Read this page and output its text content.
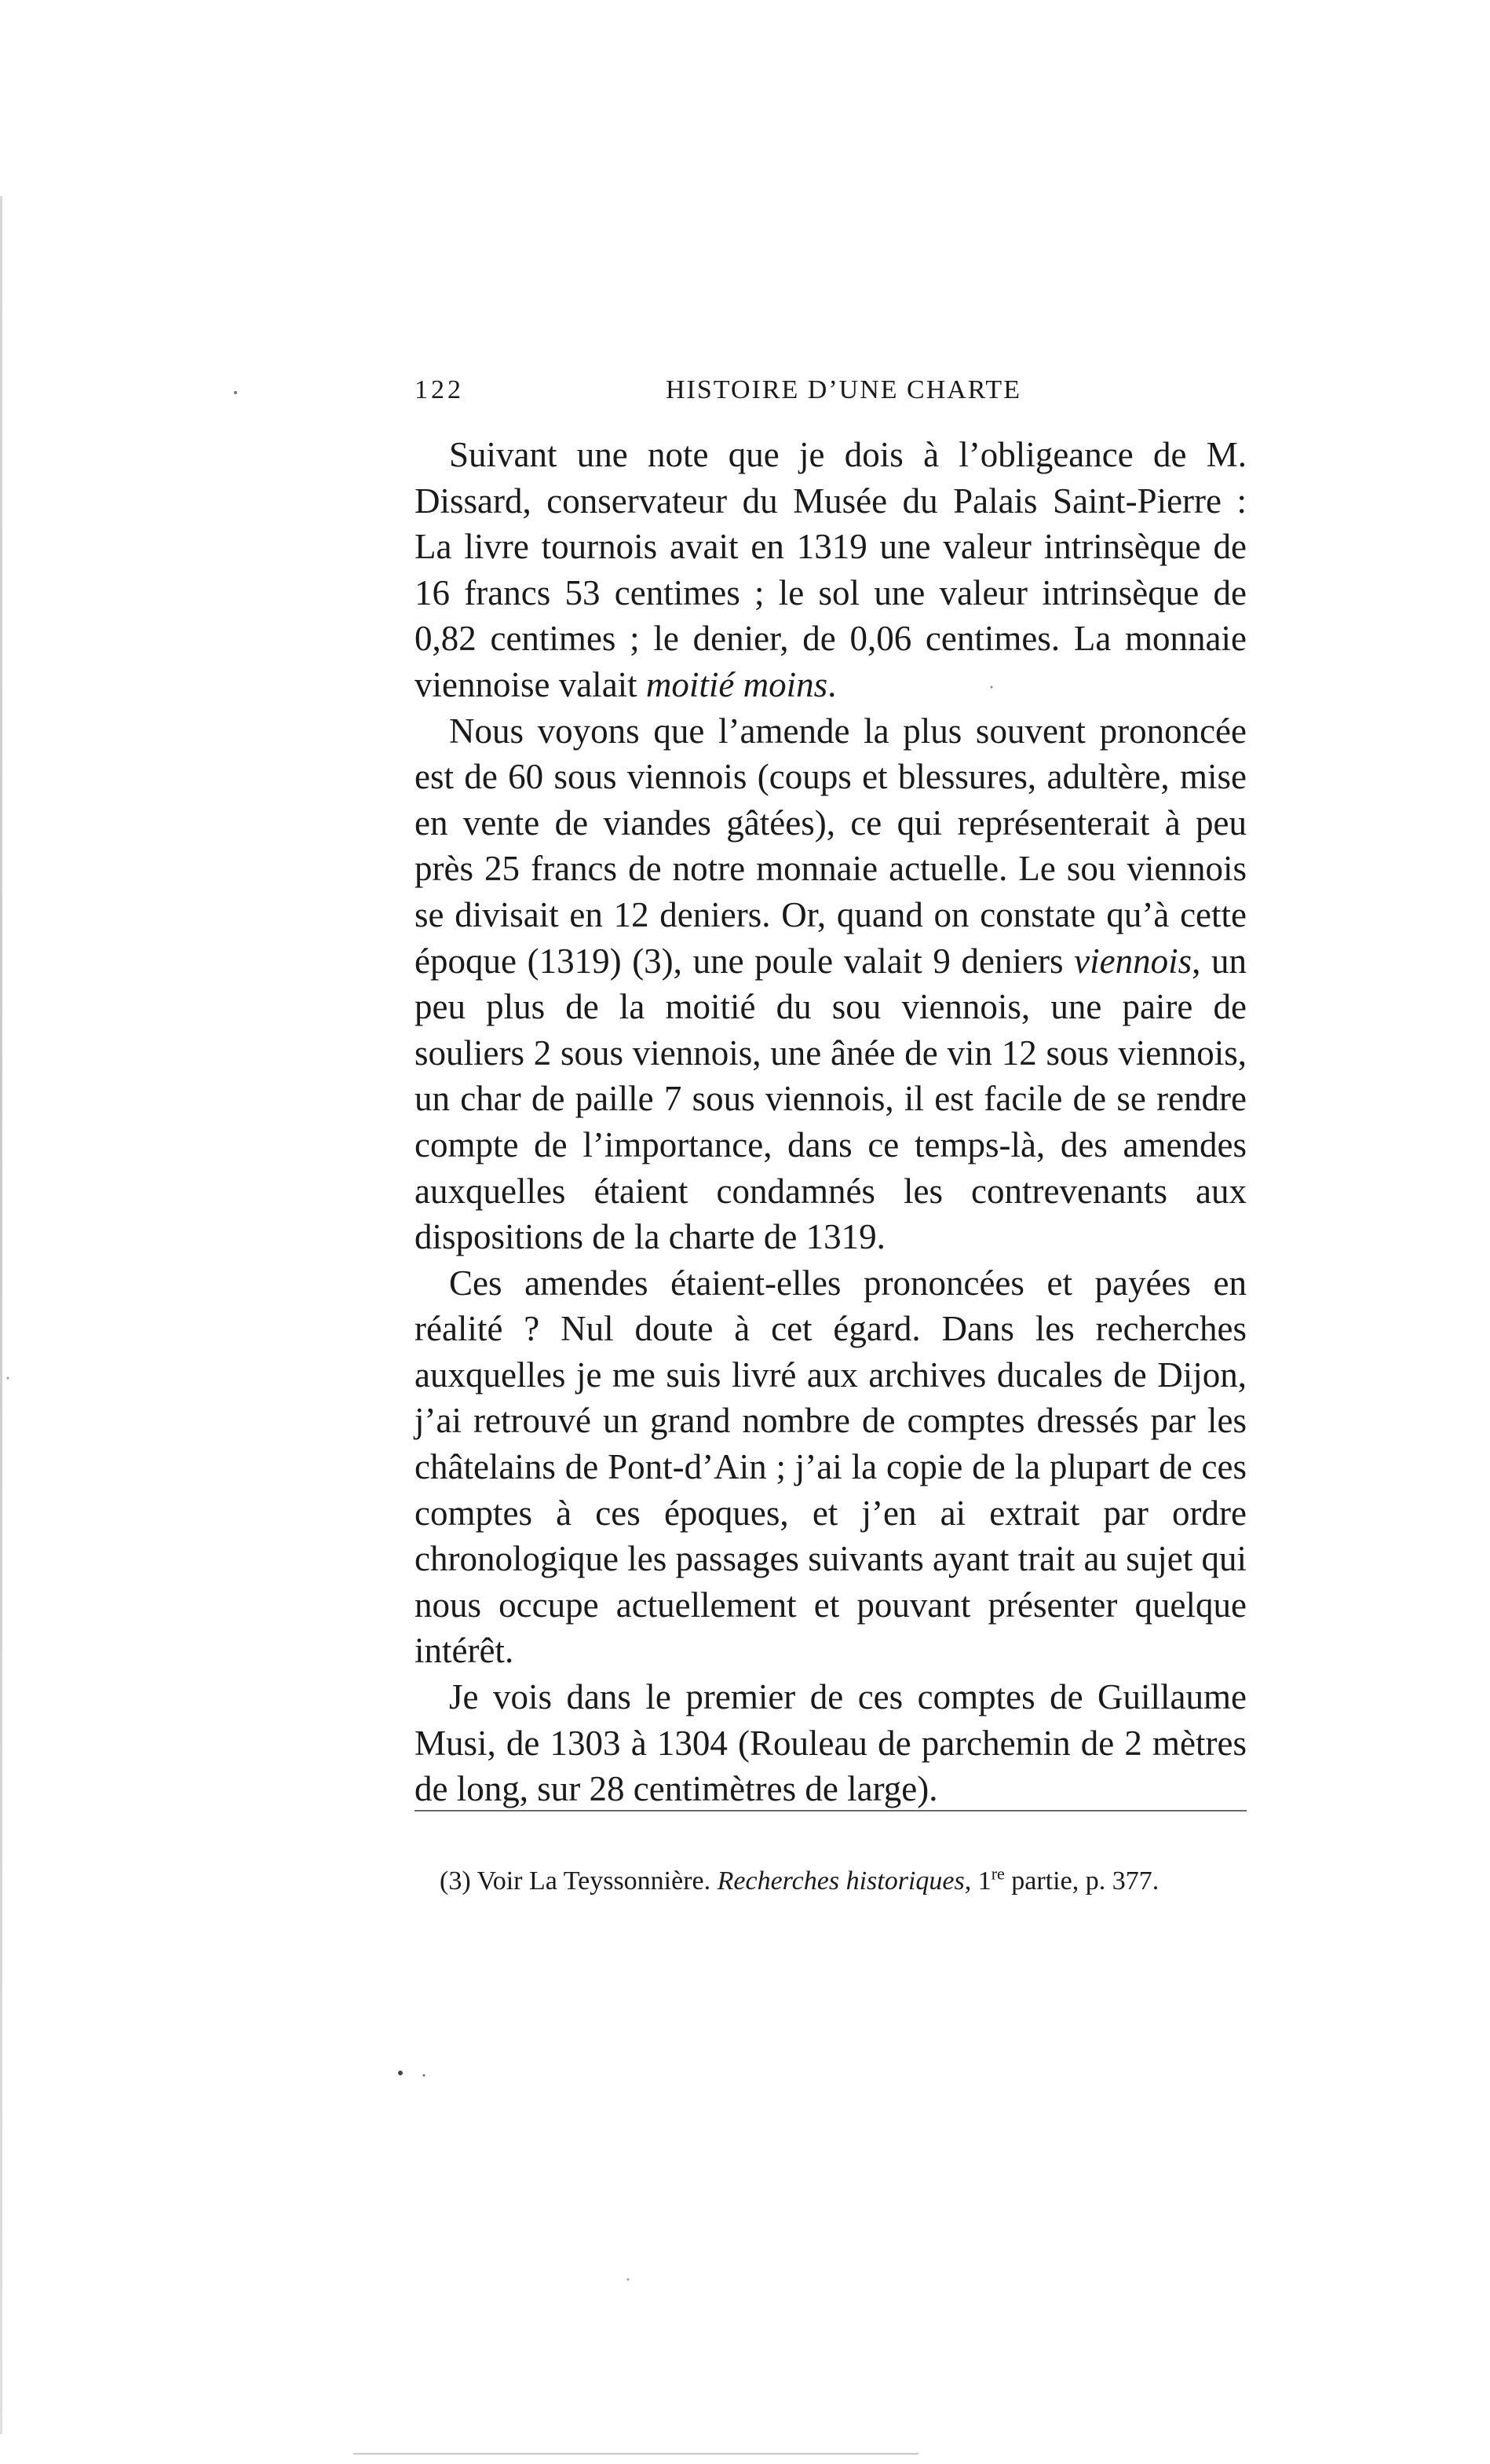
122	HISTOIRE D’UNE CHARTE

Suivant une note que je dois à l’obligeance de M. Dissard, conservateur du Musée du Palais Saint-Pierre : La livre tournois avait en 1319 une valeur intrinsèque de 16 francs 53 centimes ; le sol une valeur intrinsèque de 0,82 centimes ; le denier, de 0,06 centimes. La monnaie viennoise valait moitié moins.

Nous voyons que l’amende la plus souvent prononcée est de 60 sous viennois (coups et blessures, adultère, mise en vente de viandes gâtées), ce qui représenterait à peu près 25 francs de notre monnaie actuelle. Le sou viennois se divisait en 12 deniers. Or, quand on constate qu’à cette époque (1319) (3), une poule valait 9 deniers viennois, un peu plus de la moitié du sou viennois, une paire de souliers 2 sous viennois, une ânée de vin 12 sous viennois, un char de paille 7 sous viennois, il est facile de se rendre compte de l’importance, dans ce temps-là, des amendes auxquelles étaient condamnés les contrevenants aux dispositions de la charte de 1319.

Ces amendes étaient-elles prononcées et payées en réalité ? Nul doute à cet égard. Dans les recherches auxquelles je me suis livré aux archives ducales de Dijon, j’ai retrouvé un grand nombre de comptes dressés par les châtelains de Pont-d’Ain ; j’ai la copie de la plupart de ces comptes à ces époques, et j’en ai extrait par ordre chronologique les passages suivants ayant trait au sujet qui nous occupe actuellement et pouvant présenter quelque intérêt.

Je vois dans le premier de ces comptes de Guillaume Musi, de 1303 à 1304 (Rouleau de parchemin de 2 mètres de long, sur 28 centimètres de large).

(3) Voir La Teyssonnière. Recherches historiques, 1re partie, p. 377.
